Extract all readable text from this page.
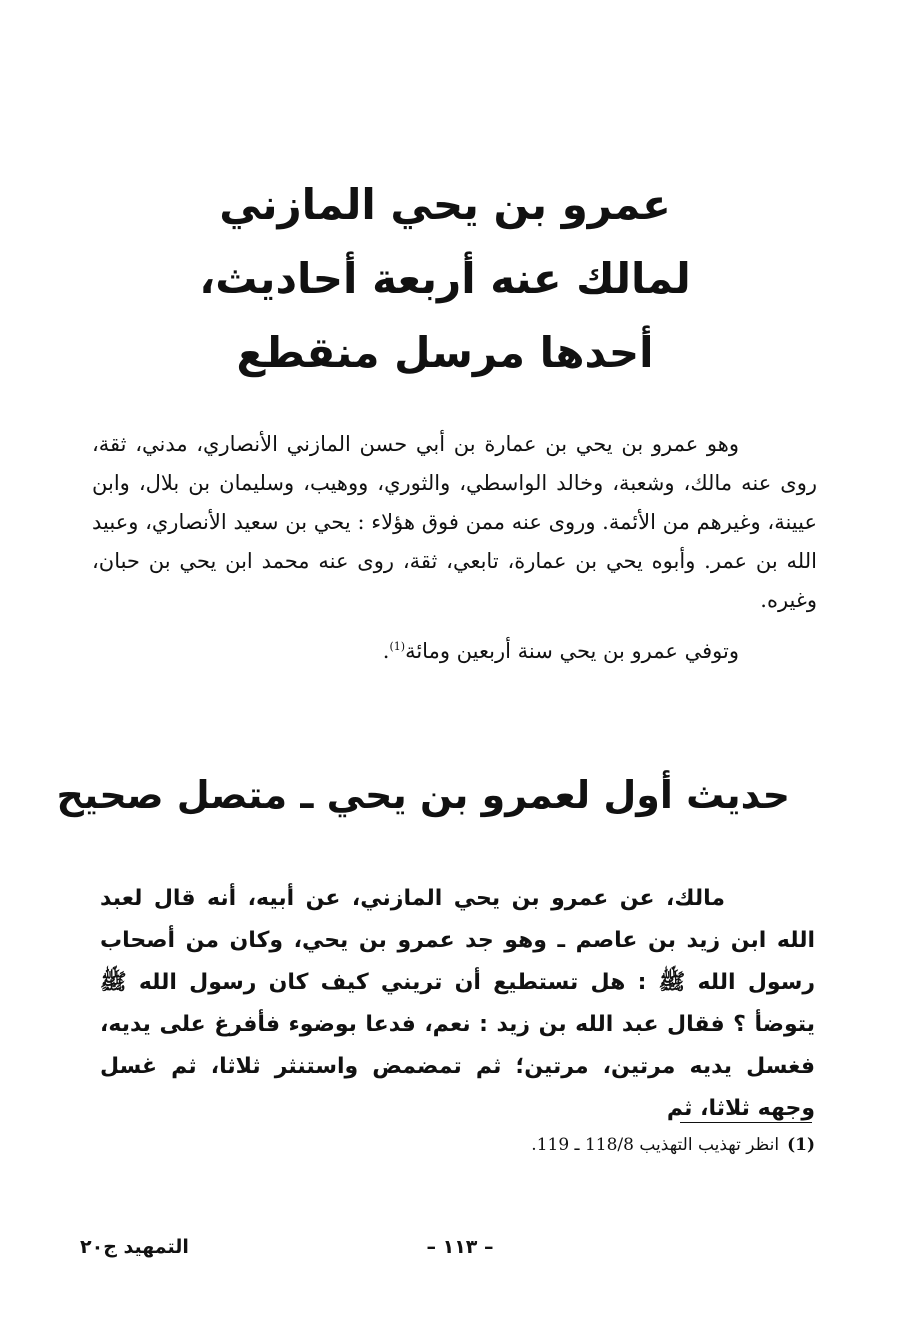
عمرو بن يحي المازني
لمالك عنه أربعة أحاديث،
أحدها مرسل منقطع

وهو عمرو بن يحي بن عمارة بن أبي حسن المازني الأنصاري، مدني، ثقة، روى عنه مالك، وشعبة، وخالد الواسطي، والثوري، ووهيب، وسليمان بن بلال، وابن عيينة، وغيرهم من الأئمة. وروى عنه ممن فوق هؤلاء : يحي بن سعيد الأنصاري، وعبيد الله بن عمر. وأبوه يحي بن عمارة، تابعي، ثقة، روى عنه محمد ابن يحي بن حبان، وغيره.

وتوفي عمرو بن يحي سنة أربعين ومائة$^{(1)}$.

حديث أول لعمرو بن يحي ـ متصل صحيح

مالك، عن عمرو بن يحي المازني، عن أبيه، أنه قال لعبد الله ابن زيد بن عاصم ـ وهو جد عمرو بن يحي، وكان من أصحاب رسول الله ﷺ : هل تستطيع أن تريني كيف كان رسول الله ﷺ يتوضأ ؟ فقال عبد الله بن زيد : نعم، فدعا بوضوء فأفرغ على يديه، فغسل يديه مرتين، مرتين؛ ثم تمضمض واستنثر ثلاثا، ثم غسل وجهه ثلاثا، ثم

(1)انظر تهذيب التهذيب 118/8 ـ 119.
– ١١٣ –
التمهيد ج٢٠
